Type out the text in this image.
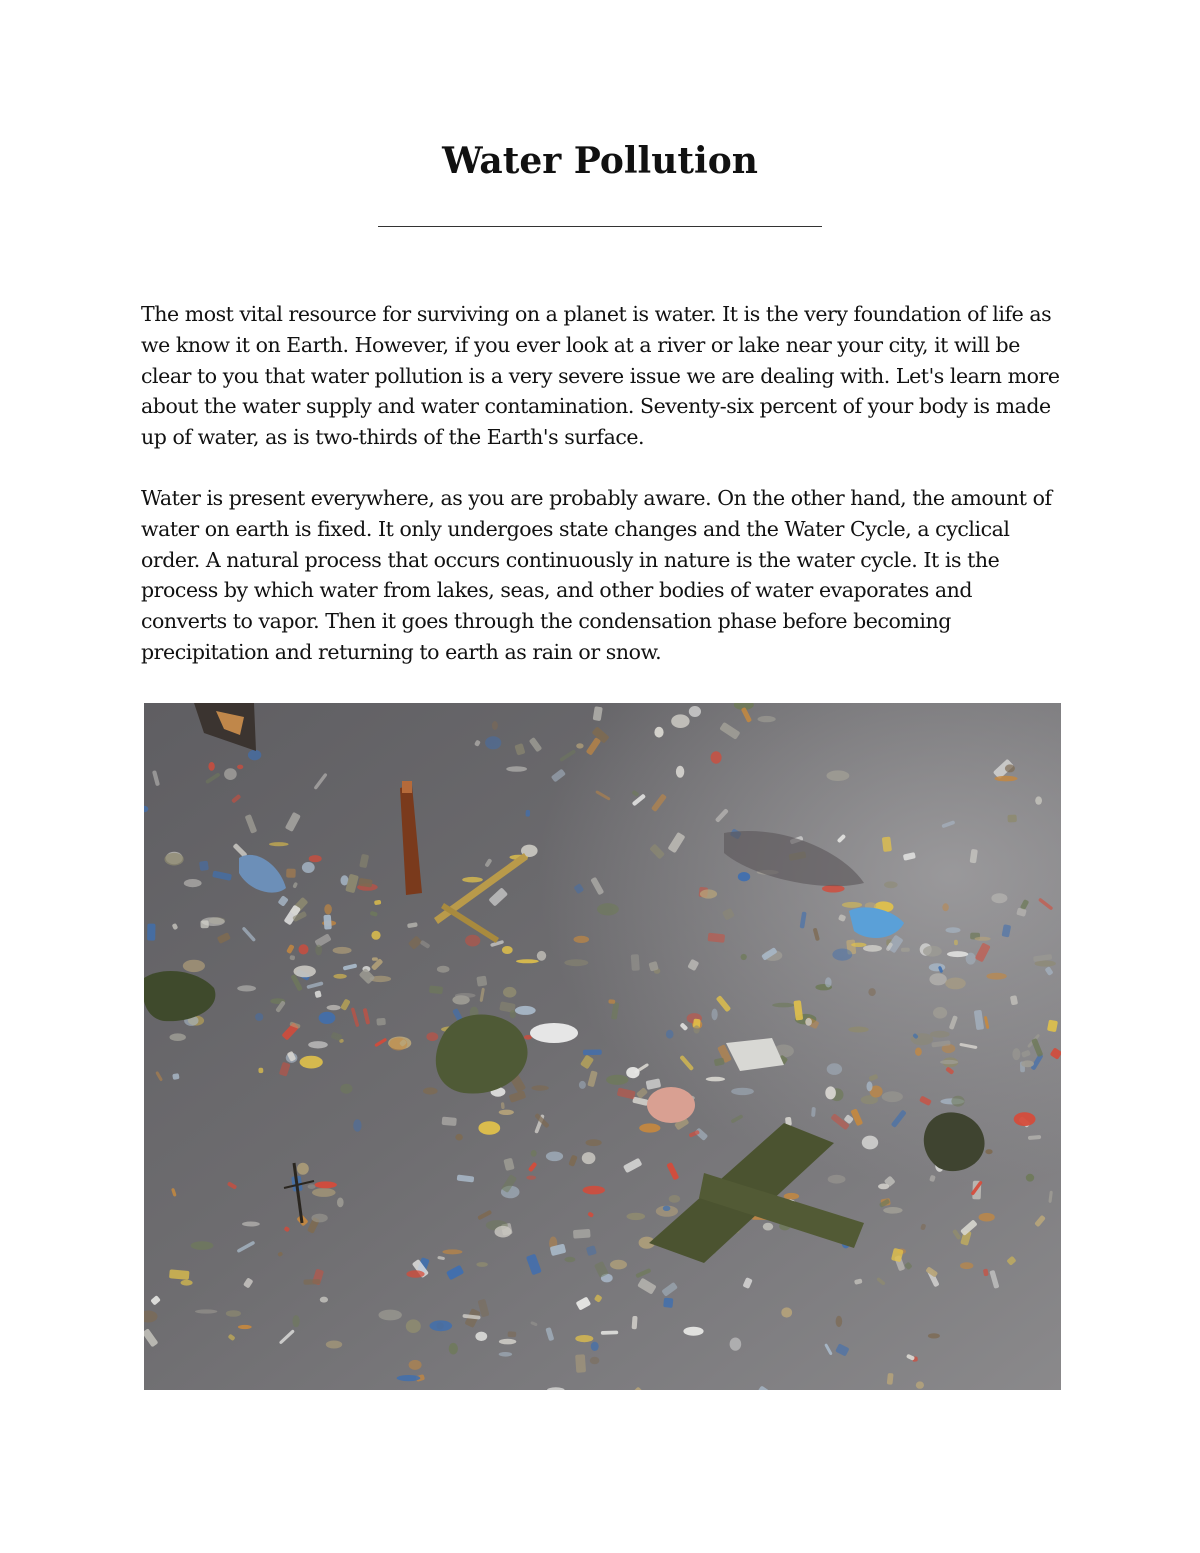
Water Pollution

The most vital resource for surviving on a planet is water. It is the very foundation of life as we know it on Earth. However, if you ever look at a river or lake near your city, it will be clear to you that water pollution is a very severe issue we are dealing with. Let's learn more about the water supply and water contamination. Seventy-six percent of your body is made up of water, as is two-thirds of the Earth's surface.

Water is present everywhere, as you are probably aware. On the other hand, the amount of water on earth is fixed. It only undergoes state changes and the Water Cycle, a cyclical order. A natural process that occurs continuously in nature is the water cycle. It is the process by which water from lakes, seas, and other bodies of water evaporates and converts to vapor. Then it goes through the condensation phase before becoming precipitation and returning to earth as rain or snow.
